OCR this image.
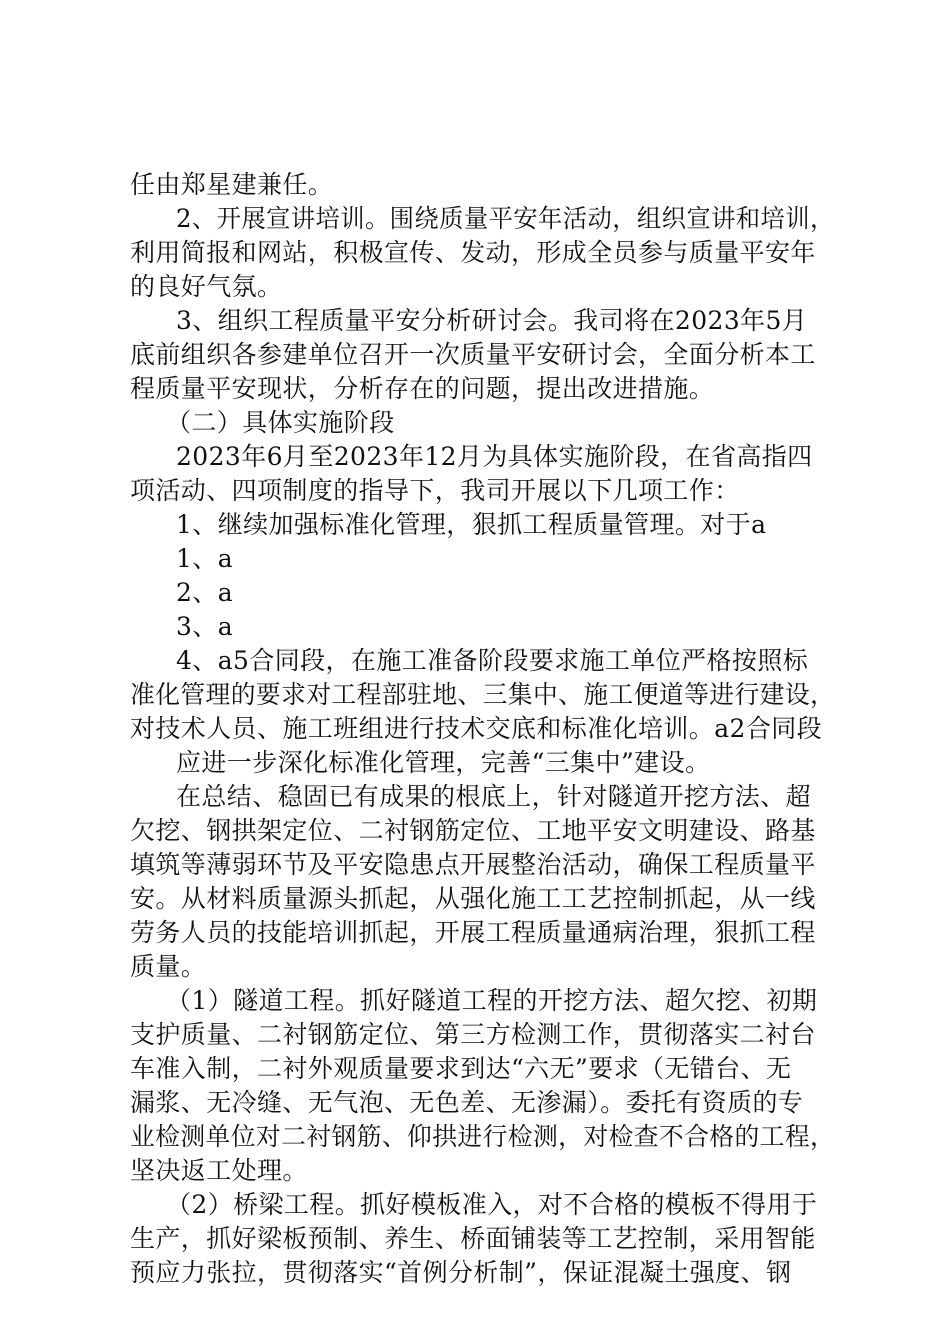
任由郑星建兼任。
2、开展宣讲培训。围绕质量平安年活动，组织宣讲和培训，
利用简报和网站，积极宣传、发动，形成全员参与质量平安年
的良好气氛。
3、组织工程质量平安分析研讨会。我司将在2023年5月
底前组织各参建单位召开一次质量平安研讨会，全面分析本工
程质量平安现状，分析存在的问题，提出改进措施。
（二）具体实施阶段
2023年6月至2023年12月为具体实施阶段，在省高指四
项活动、四项制度的指导下，我司开展以下几项工作：
1、继续加强标准化管理，狠抓工程质量管理。对于a
1、a
2、a
3、a
4、a5合同段，在施工准备阶段要求施工单位严格按照标
准化管理的要求对工程部驻地、三集中、施工便道等进行建设，
对技术人员、施工班组进行技术交底和标准化培训。a2合同段
应进一步深化标准化管理，完善“三集中”建设。
在总结、稳固已有成果的根底上，针对隧道开挖方法、超
欠挖、钢拱架定位、二衬钢筋定位、工地平安文明建设、路基
填筑等薄弱环节及平安隐患点开展整治活动，确保工程质量平
安。从材料质量源头抓起，从强化施工工艺控制抓起，从一线
劳务人员的技能培训抓起，开展工程质量通病治理，狠抓工程
质量。
（1）隧道工程。抓好隧道工程的开挖方法、超欠挖、初期
支护质量、二衬钢筋定位、第三方检测工作，贯彻落实二衬台
车准入制，二衬外观质量要求到达“六无”要求（无错台、无
漏浆、无冷缝、无气泡、无色差、无渗漏）。委托有资质的专
业检测单位对二衬钢筋、仰拱进行检测，对检查不合格的工程，
坚决返工处理。
（2）桥梁工程。抓好模板准入，对不合格的模板不得用于
生产，抓好梁板预制、养生、桥面铺装等工艺控制，采用智能
预应力张拉，贯彻落实“首例分析制”，保证混凝土强度、钢
